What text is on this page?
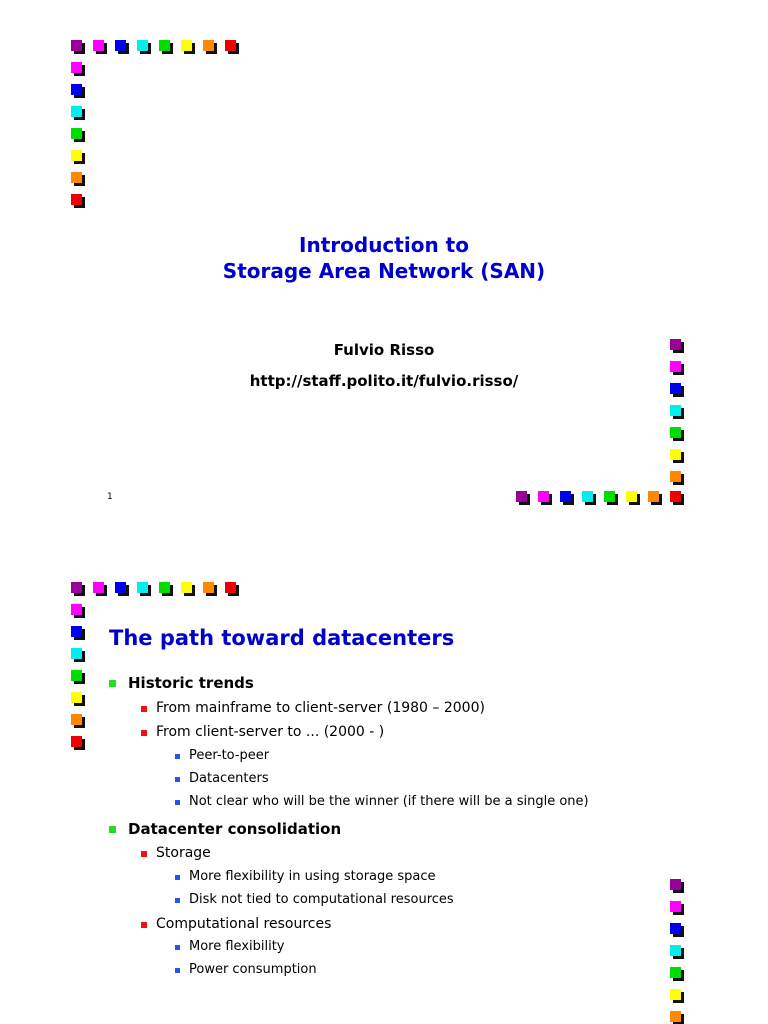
Introduction to
Storage Area Network (SAN)

Fulvio Risso

http://staff.polito.it/fulvio.risso/

1
The path toward datacenters
Historic trends
From mainframe to client-server (1980 – 2000)
From client-server to ... (2000 - )
Peer-to-peer
Datacenters
Not clear who will be the winner (if there will be a single one)
Datacenter consolidation
Storage
More flexibility in using storage space
Disk not tied to computational resources
Computational resources
More flexibility
Power consumption
